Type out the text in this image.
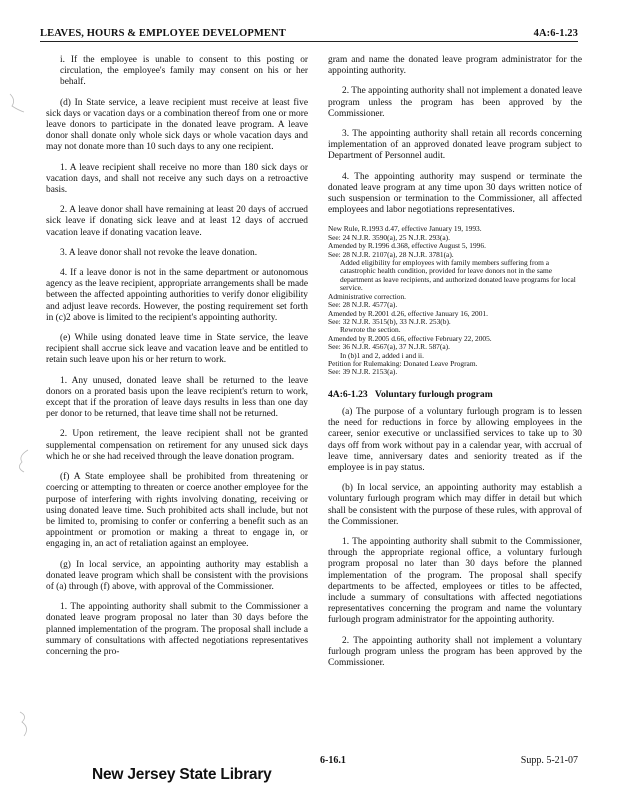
LEAVES, HOURS & EMPLOYEE DEVELOPMENT	4A:6-1.23

i. If the employee is unable to consent to this posting or circulation, the employee's family may consent on his or her behalf.

(d) In State service, a leave recipient must receive at least five sick days or vacation days or a combination thereof from one or more leave donors to participate in the donated leave program. A leave donor shall donate only whole sick days or whole vacation days and may not donate more than 10 such days to any one recipient.

1. A leave recipient shall receive no more than 180 sick days or vacation days, and shall not receive any such days on a retroactive basis.

2. A leave donor shall have remaining at least 20 days of accrued sick leave if donating sick leave and at least 12 days of accrued vacation leave if donating vacation leave.

3. A leave donor shall not revoke the leave donation.

4. If a leave donor is not in the same department or autonomous agency as the leave recipient, appropriate arrangements shall be made between the affected appointing authorities to verify donor eligibility and adjust leave records. However, the posting requirement set forth in (c)2 above is limited to the recipient's appointing authority.

(e) While using donated leave time in State service, the leave recipient shall accrue sick leave and vacation leave and be entitled to retain such leave upon his or her return to work.

1. Any unused, donated leave shall be returned to the leave donors on a prorated basis upon the leave recipient's return to work, except that if the proration of leave days results in less than one day per donor to be returned, that leave time shall not be returned.

2. Upon retirement, the leave recipient shall not be granted supplemental compensation on retirement for any unused sick days which he or she had received through the leave donation program.

(f) A State employee shall be prohibited from threatening or coercing or attempting to threaten or coerce another employee for the purpose of interfering with rights involving donating, receiving or using donated leave time. Such prohibited acts shall include, but not be limited to, promising to confer or conferring a benefit such as an appointment or promotion or making a threat to engage in, or engaging in, an act of retaliation against an employee.

(g) In local service, an appointing authority may establish a donated leave program which shall be consistent with the provisions of (a) through (f) above, with approval of the Commissioner.

1. The appointing authority shall submit to the Commissioner a donated leave program proposal no later than 30 days before the planned implementation of the program. The proposal shall include a summary of consultations with affected negotiations representatives concerning the pro-

gram and name the donated leave program administrator for the appointing authority.

2. The appointing authority shall not implement a donated leave program unless the program has been approved by the Commissioner.

3. The appointing authority shall retain all records concerning implementation of an approved donated leave program subject to Department of Personnel audit.

4. The appointing authority may suspend or terminate the donated leave program at any time upon 30 days written notice of such suspension or termination to the Commissioner, all affected employees and labor negotiations representatives.

New Rule, R.1993 d.47, effective January 19, 1993.
See: 24 N.J.R. 3590(a), 25 N.J.R. 293(a).
Amended by R.1996 d.368, effective August 5, 1996.
See: 28 N.J.R. 2107(a), 28 N.J.R. 3781(a).
Added eligibility for employees with family members suffering from a catastrophic health condition, provided for leave donors not in the same department as leave recipients, and authorized donated leave programs for local service.
Administrative correction.
See: 28 N.J.R. 4577(a).
Amended by R.2001 d.26, effective January 16, 2001.
See: 32 N.J.R. 3515(b), 33 N.J.R. 253(b).
Rewrote the section.
Amended by R.2005 d.66, effective February 22, 2005.
See: 36 N.J.R. 4567(a), 37 N.J.R. 587(a).
In (b)1 and 2, added i and ii.
Petition for Rulemaking: Donated Leave Program.
See: 39 N.J.R. 2153(a).
4A:6-1.23 Voluntary furlough program

(a) The purpose of a voluntary furlough program is to lessen the need for reductions in force by allowing employees in the career, senior executive or unclassified services to take up to 30 days off from work without pay in a calendar year, with accrual of leave time, anniversary dates and seniority treated as if the employee is in pay status.

(b) In local service, an appointing authority may establish a voluntary furlough program which may differ in detail but which shall be consistent with the purpose of these rules, with approval of the Commissioner.

1. The appointing authority shall submit to the Commissioner, through the appropriate regional office, a voluntary furlough program proposal no later than 30 days before the planned implementation of the program. The proposal shall specify departments to be affected, employees or titles to be affected, include a summary of consultations with affected negotiations representatives concerning the program and name the voluntary furlough program administrator for the appointing authority.

2. The appointing authority shall not implement a voluntary furlough program unless the program has been approved by the Commissioner.

6-16.1	Supp. 5-21-07
New Jersey State Library
